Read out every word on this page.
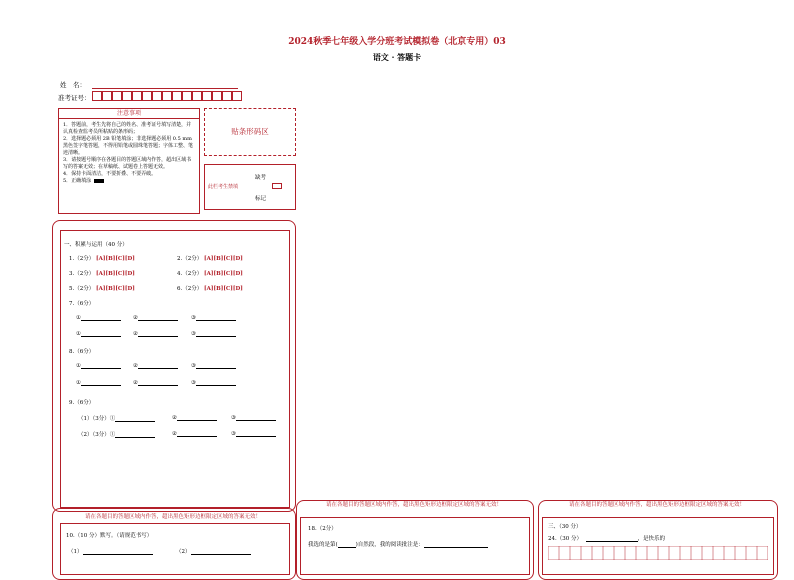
2024秋季七年级入学分班考试模拟卷（北京专用）03
语文 · 答题卡
姓　名：
准考证号：
注意事项
1．答题前，考生先将自己的姓名、准考证号填写清楚，并认真检查监考员所粘贴的条形码；
2．选择题必须用 2B 铅笔填涂；非选择题必须用 0.5 mm黑色签字笔答题，不得用铅笔或圆珠笔答题；字体工整、笔迹清晰。
3．请按题号顺序在各题目的答题区域内作答，超出区域书写的答案无效；在草稿纸、试题卷上答题无效。
4．保持卡面清洁，不要折叠、不要弄破。
5．正确填涂
贴条形码区
缺考
此栏考生禁填
标记
一、积累与运用（40 分）
1.（2分） [A][B][C][D]	2.（2分） [A][B][C][D]
3.（2分） [A][B][C][D]	4.（2分） [A][B][C][D]
5.（2分） [A][B][C][D]	6.（2分） [A][B][C][D]
7.（6分）
①	②	③
①	②	③
8.（6分）
①	②	③
①	②	③
9.（6分）
（1）（3分）①	②	③
（2）（3分）①	②	③
请在各题目的答题区域内作答，超出黑色矩形边框限定区域的答案无效！
10.（10 分）默写。（请规范书写）
（1）	（2）
请在各题目的答题区域内作答，超出黑色矩形边框限定区域的答案无效！
18.（2分）
我选的是第(	)自然段，我的阅读批注是：
请在各题目的答题区域内作答，超出黑色矩形边框限定区域的答案无效！
三、（30 分）
24.（30 分）	，是快乐的
